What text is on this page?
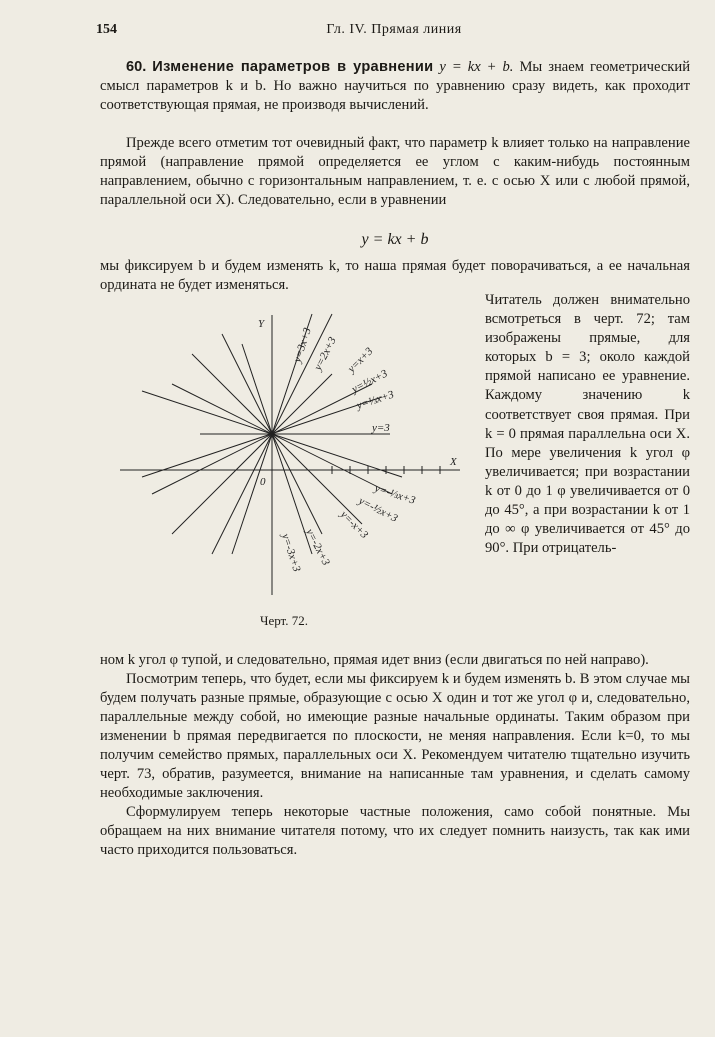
154	Гл. IV. Прямая линия

60. Изменение параметров в уравнении y = kx + b. Мы знаем геометрический смысл параметров k и b. Но важно научиться по уравнению сразу видеть, как проходит соответствующая прямая, не производя вычислений.

Прежде всего отметим тот очевидный факт, что параметр k влияет только на направление прямой (направление прямой определяется ее углом с каким-нибудь постоянным направлением, обычно с горизонтальным направлением, т. е. с осью X или с любой прямой, параллельной оси X). Следовательно, если в уравнении

y = kx + b

мы фиксируем b и будем изменять k, то наша прямая будет поворачиваться, а ее начальная ордината не будет изменяться.

Читатель должен внимательно всмотреться в черт. 72; там изображены прямые, для которых b = 3; около каждой прямой написано ее уравнение. Каждому значению k соответствует своя прямая. При k = 0 прямая параллельна оси X. По мере увеличения k угол φ увеличивается; при возрастании k от 0 до 1 φ увеличивается от 0 до 45°, а при возрастании k от 1 до ∞ φ увеличивается от 45° до 90°. При отрицатель-
Y
X
0
y=3
y=3x+3
y=2x+3 y=x+3
y=½x+3
y=⅓x+3
y=-⅓x+3
y=-½x+3
y=-x+3
y=-2x+3
y=-3x+3
Черт. 72.

ном k угол φ тупой, и следовательно, прямая идет вниз (если двигаться по ней направо).

Посмотрим теперь, что будет, если мы фиксируем k и будем изменять b. В этом случае мы будем получать разные прямые, образующие с осью X один и тот же угол φ и, следовательно, параллельные между собой, но имеющие разные начальные ординаты. Таким образом при изменении b прямая передвигается по плоскости, не меняя направления. Если k=0, то мы получим семейство прямых, параллельных оси X. Рекомендуем читателю тщательно изучить черт. 73, обратив, разумеется, внимание на написанные там уравнения, и сделать самому необходимые заключения.

Сформулируем теперь некоторые частные положения, само собой понятные. Мы обращаем на них внимание читателя потому, что их следует помнить наизусть, так как ими часто приходится пользоваться.
